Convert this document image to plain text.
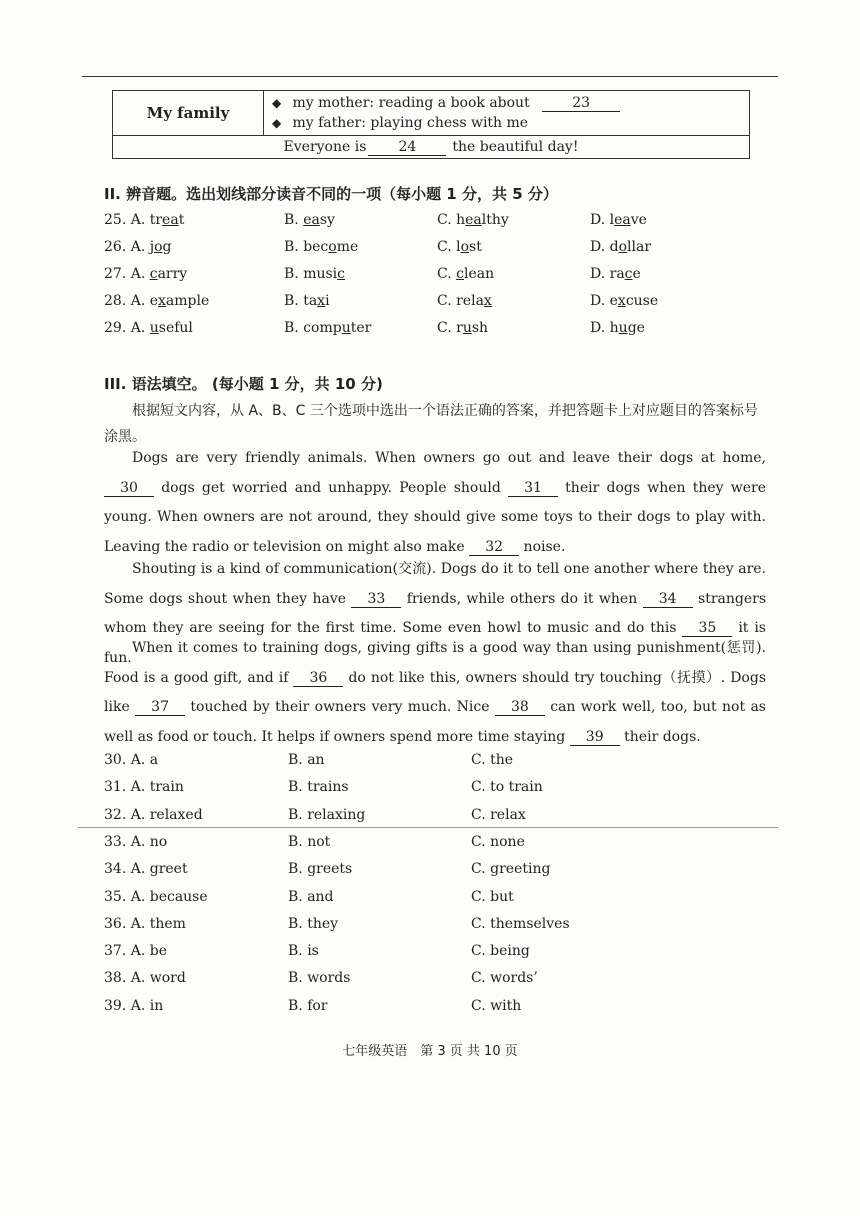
My family	
◆ my mother: reading a book about	23
◆ my father: playing chess with me

Everyone is 24	the beautiful day!
II. 辨音题。选出划线部分读音不同的一项（每小题 1 分，共 5 分）
25. A. treat	B. easy	C. healthy	D. leave
26. A. jog	B. become	C. lost	D. dollar
27. A. carry	B. music	C. clean	D. race
28. A. example	B. taxi	C. relax	D. excuse
29. A. useful	B. computer	C. rush	D. huge
III. 语法填空。 (每小题 1 分，共 10 分)
根据短文内容，从 A、B、C 三个选项中选出一个语法正确的答案，并把答题卡上对应题目的答案标号涂黑。
Dogs are very friendly animals. When owners go out and leave their dogs at home, 30 dogs get worried and unhappy. People should 31 their dogs when they were young. When owners are not around, they should give some toys to their dogs to play with. Leaving the radio or television on might also make 32 noise.
Shouting is a kind of communication(交流). Dogs do it to tell one another where they are. Some dogs shout when they have 33 friends, while others do it when 34 strangers whom they are seeing for the first time. Some even howl to music and do this 35 it is fun.
When it comes to training dogs, giving gifts is a good way than using punishment(惩罚). Food is a good gift, and if 36 do not like this, owners should try touching（抚摸）. Dogs like 37 touched by their owners very much. Nice 38 can work well, too, but not as well as food or touch. It helps if owners spend more time staying 39 their dogs.
30. A. a	B. an	C. the
31. A. train	B. trains	C. to train
32. A. relaxed	B. relaxing	C. relax
33. A. no	B. not	C. none
34. A. greet	B. greets	C. greeting
35. A. because	B. and	C. but
36. A. them	B. they	C. themselves
37. A. be	B. is	C. being
38. A. word	B. words	C. words’
39. A. in	B. for	C. with
七年级英语　第 3 页 共 10 页
